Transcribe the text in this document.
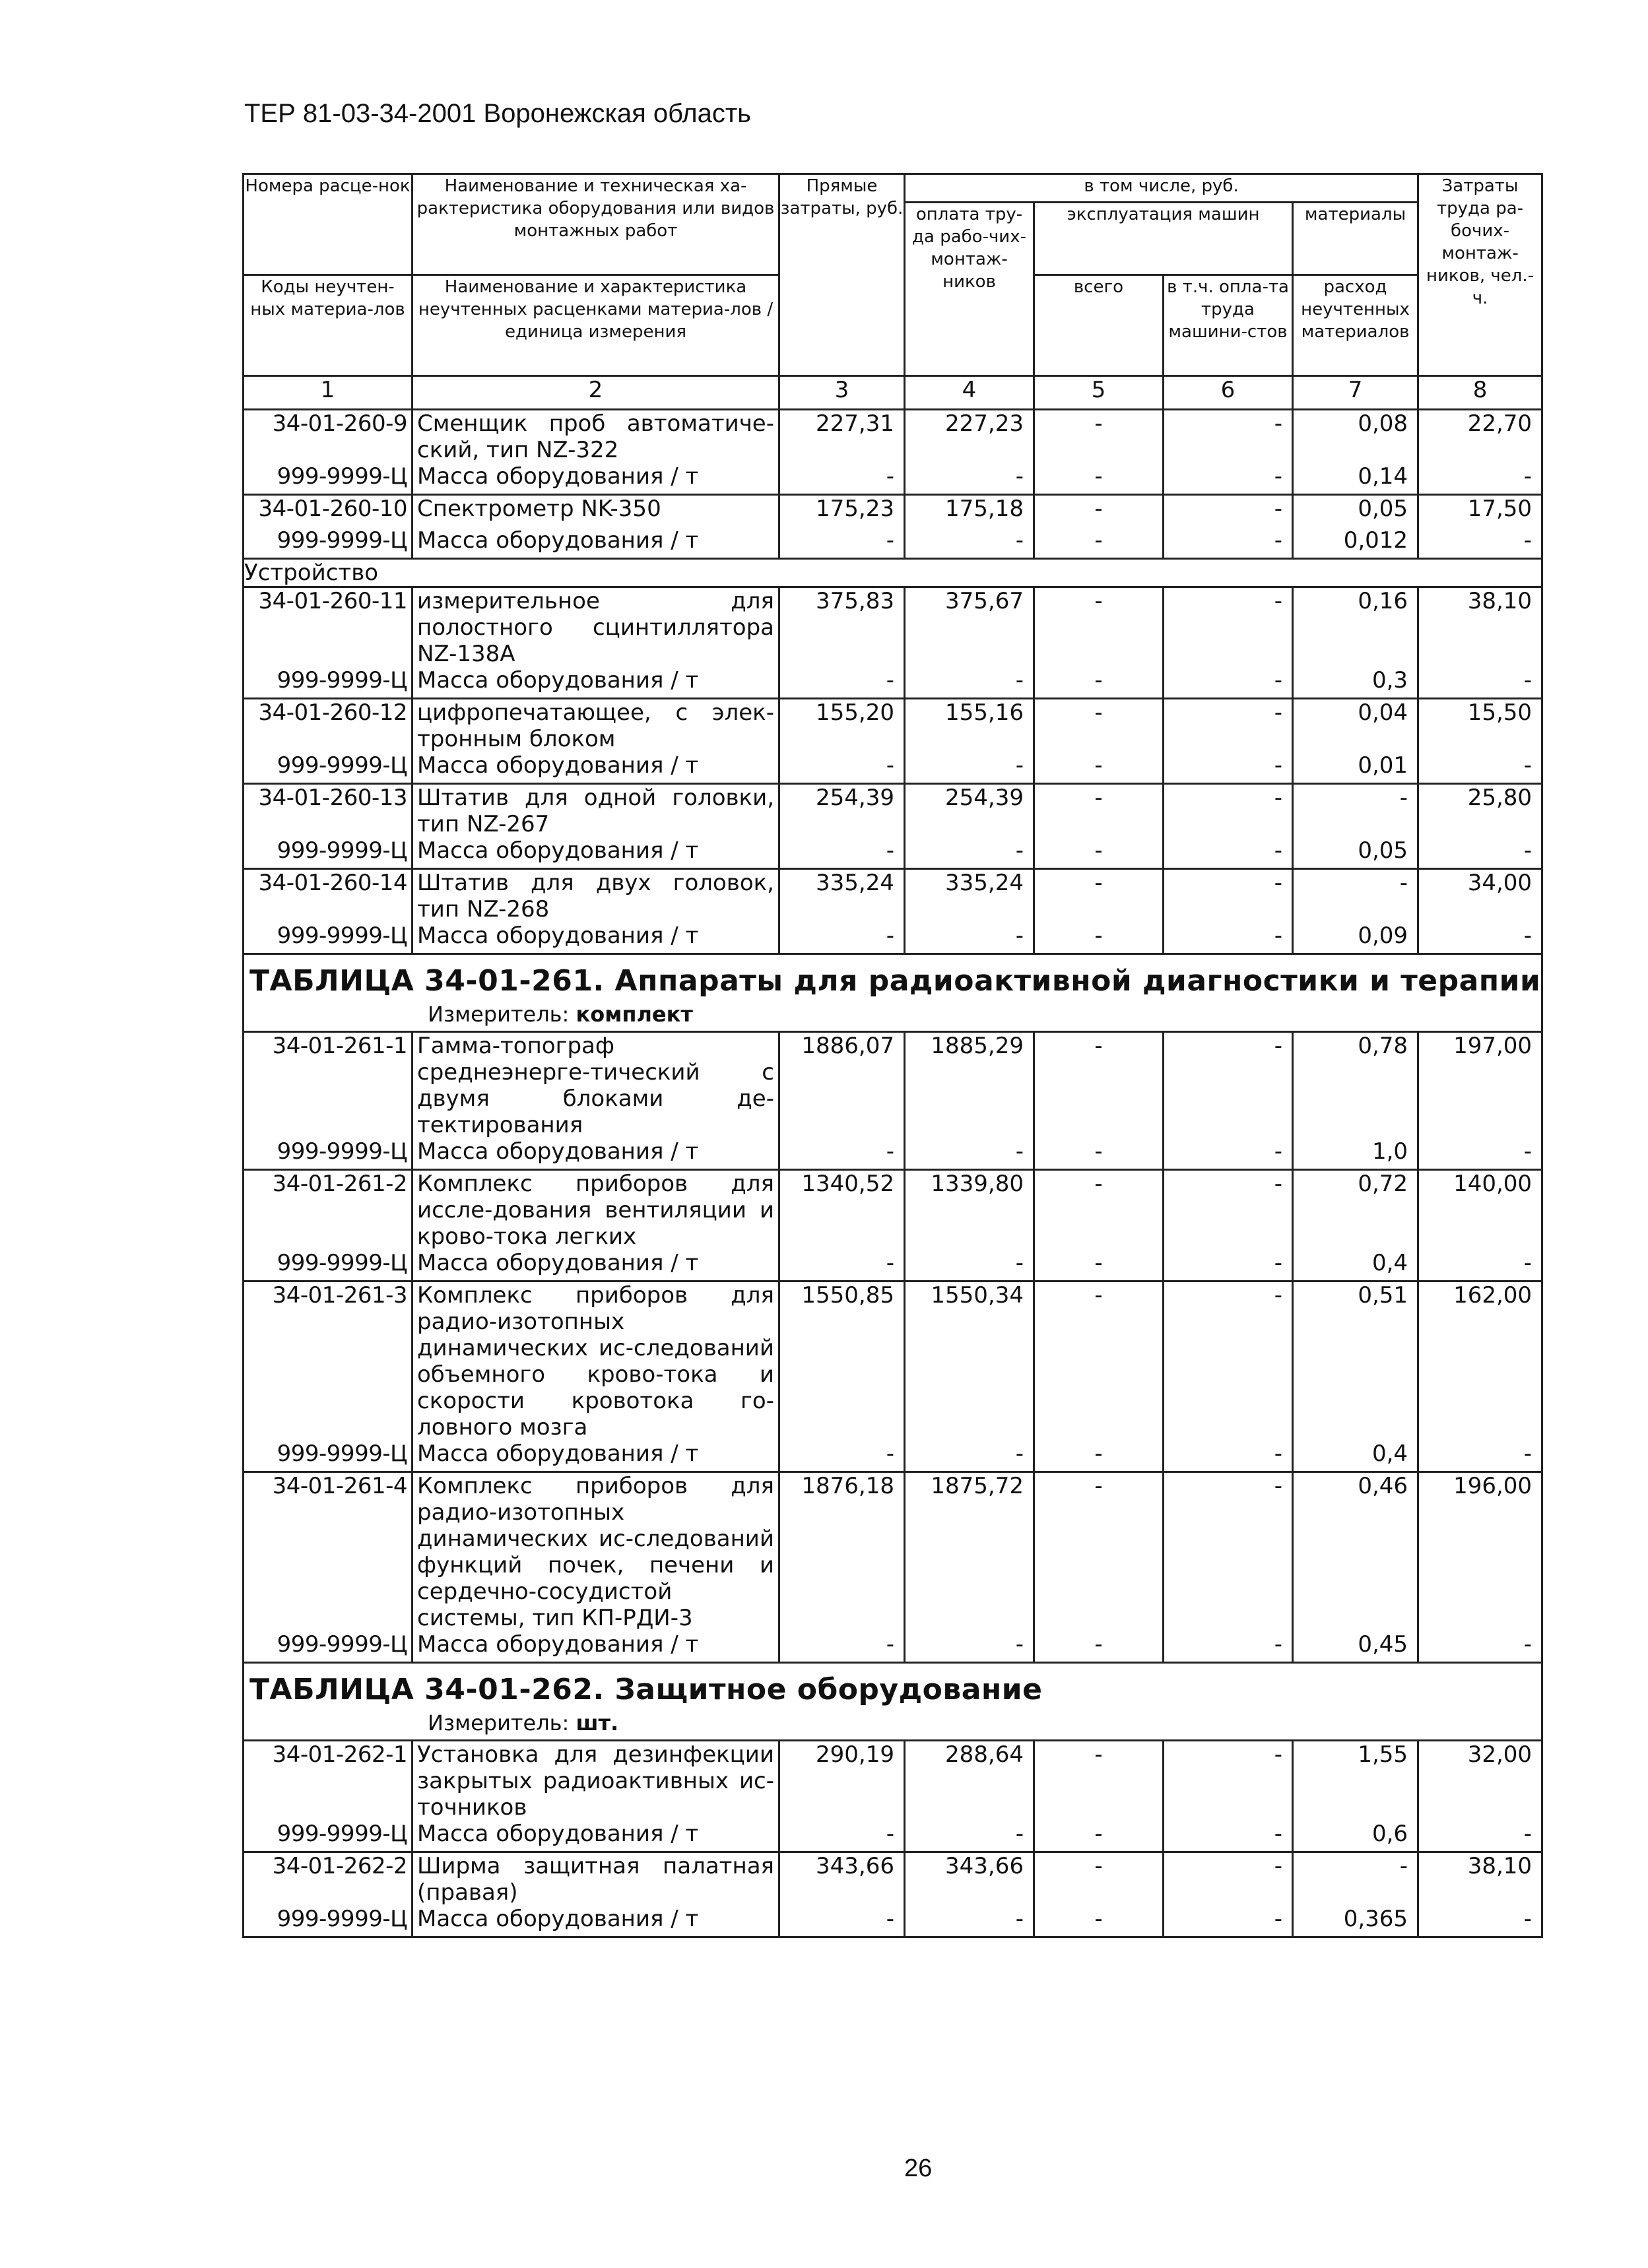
ТЕР 81-03-34-2001 Воронежская область
Номера расце-нок	Наименование и техническая ха-рактеристика оборудования или видов монтажных работ	Прямые затраты, руб.	в том числе, руб.				Затраты труда ра-бочих-монтаж-ников, чел.-ч.

			оплата тру-да рабо-чих-монтаж-ников	эксплуатация машин		материалы	

Коды неучтен-ных материа-лов	Наименование и характеристика неучтенных расценками материа-лов / единица измерения			всего	в т.ч. опла-та труда машини-стов	расход неучтенных материалов	

1	2	3	4	5	6	7	8
34-01-260-9	Сменщик проб автоматиче-ский, тип NZ-322	227,31	227,23	-	-	0,08	22,70
999-9999-Ц	Масса оборудования / т	-	-	-	-	0,14	-
34-01-260-10	Спектрометр NK-350	175,23	175,18	-	-	0,05	17,50
999-9999-Ц	Масса оборудования / т	-	-	-	-	0,012	-
Устройство							
34-01-260-11	измерительное для полостного сцинтиллятора NZ-138A	375,83	375,67	-	-	0,16	38,10
999-9999-Ц	Масса оборудования / т	-	-	-	-	0,3	-
34-01-260-12	цифропечатающее, с элек-тронным блоком	155,20	155,16	-	-	0,04	15,50
999-9999-Ц	Масса оборудования / т	-	-	-	-	0,01	-
34-01-260-13	Штатив для одной головки, тип NZ-267	254,39	254,39	-	-	-	25,80
999-9999-Ц	Масса оборудования / т	-	-	-	-	0,05	-
34-01-260-14	Штатив для двух головок, тип NZ-268	335,24	335,24	-	-	-	34,00
999-9999-Ц	Масса оборудования / т	-	-	-	-	0,09	-

ТАБЛИЦА 34-01-261. Аппараты для радиоактивной диагностики и терапии
Измеритель: комплект							

34-01-261-1	Гамма-топограф среднеэнерге-тический с двумя блоками де-тектирования	1886,07	1885,29	-	-	0,78	197,00
999-9999-Ц	Масса оборудования / т	-	-	-	-	1,0	-
34-01-261-2	Комплекс приборов для иссле-дования вентиляции и крово-тока легких	1340,52	1339,80	-	-	0,72	140,00
999-9999-Ц	Масса оборудования / т	-	-	-	-	0,4	-
34-01-261-3	Комплекс приборов для радио-изотопных динамических ис-следований объемного крово-тока и скорости кровотока го-ловного мозга	1550,85	1550,34	-	-	0,51	162,00
999-9999-Ц	Масса оборудования / т	-	-	-	-	0,4	-
34-01-261-4	Комплекс приборов для радио-изотопных динамических ис-следований функций почек, печени и сердечно-сосудистой системы, тип КП-РДИ-3	1876,18	1875,72	-	-	0,46	196,00
999-9999-Ц	Масса оборудования / т	-	-	-	-	0,45	-

ТАБЛИЦА 34-01-262. Защитное оборудование
Измеритель: шт.							

34-01-262-1	Установка для дезинфекции закрытых радиоактивных ис-точников	290,19	288,64	-	-	1,55	32,00
999-9999-Ц	Масса оборудования / т	-	-	-	-	0,6	-
34-01-262-2	Ширма защитная палатная (правая)	343,66	343,66	-	-	-	38,10
999-9999-Ц	Масса оборудования / т	-	-	-	-	0,365	-
26
